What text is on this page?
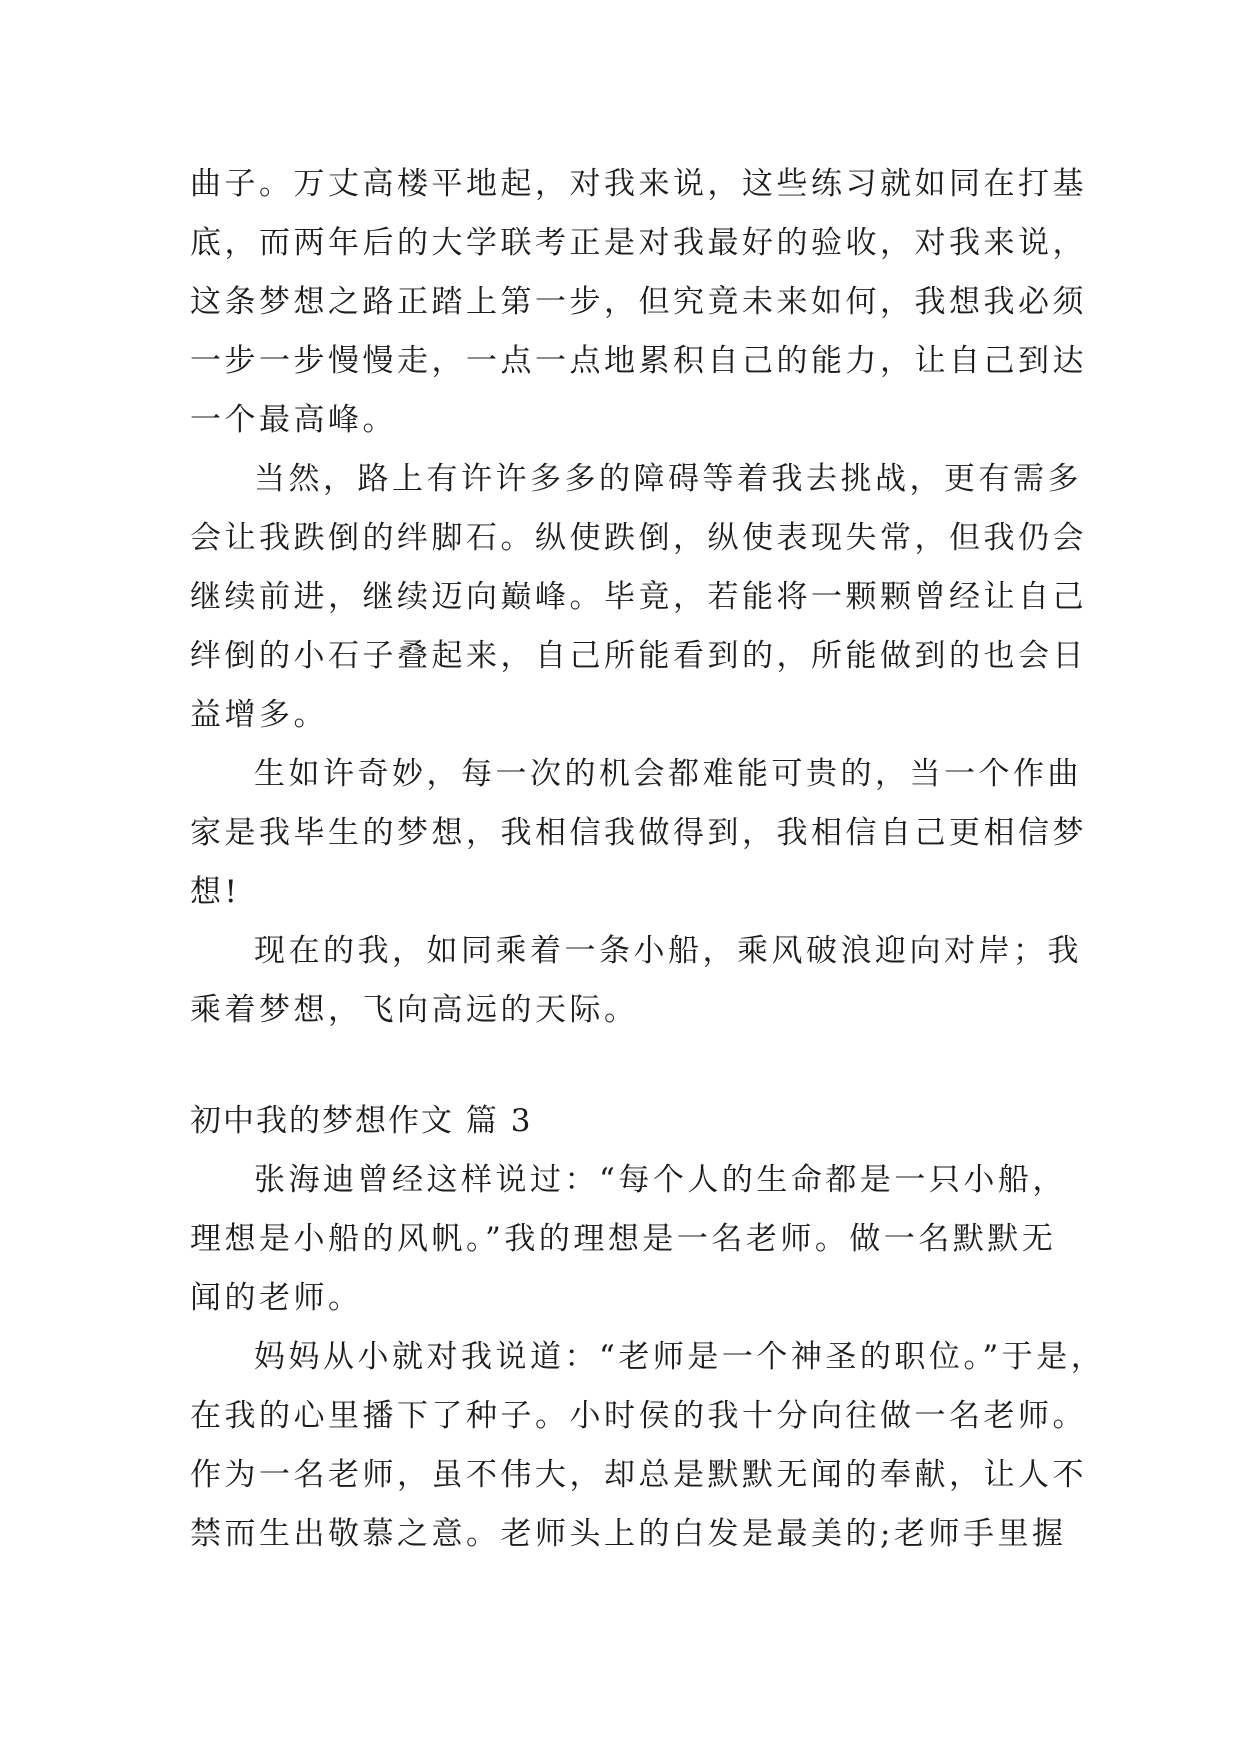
曲子。万丈高楼平地起，对我来说，这些练习就如同在打基
底，而两年后的大学联考正是对我最好的验收，对我来说，
这条梦想之路正踏上第一步，但究竟未来如何，我想我必须
一步一步慢慢走，一点一点地累积自己的能力，让自己到达
一个最高峰。
当然，路上有许许多多的障碍等着我去挑战，更有需多
会让我跌倒的绊脚石。纵使跌倒，纵使表现失常，但我仍会
继续前进，继续迈向巅峰。毕竟，若能将一颗颗曾经让自己
绊倒的小石子叠起来，自己所能看到的，所能做到的也会日
益增多。
生如许奇妙，每一次的机会都难能可贵的，当一个作曲
家是我毕生的梦想，我相信我做得到，我相信自己更相信梦
想!
现在的我，如同乘着一条小船，乘风破浪迎向对岸；我
乘着梦想，飞向高远的天际。
初中我的梦想作文 篇 3
张海迪曾经这样说过：“每个人的生命都是一只小船，
理想是小船的风帆。”我的理想是一名老师。做一名默默无
闻的老师。
妈妈从小就对我说道：“老师是一个神圣的职位。”于是，
在我的心里播下了种子。小时侯的我十分向往做一名老师。
作为一名老师，虽不伟大，却总是默默无闻的奉献，让人不
禁而生出敬慕之意。老师头上的白发是最美的;老师手里握
